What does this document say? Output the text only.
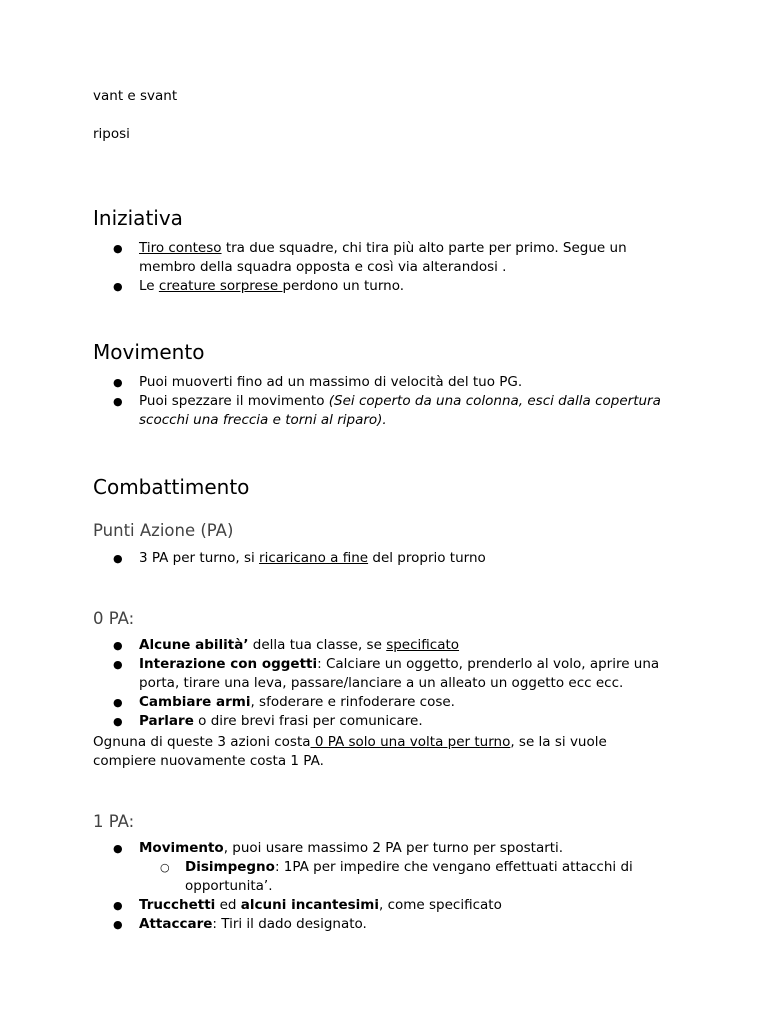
vant e svant
riposi
Iniziativa
● Tiro conteso tra due squadre, chi tira più alto parte per primo. Segue un
membro della squadra opposta e così via alterandosi .
● Le creature sorprese perdono un turno.
Movimento
● Puoi muoverti fino ad un massimo di velocità del tuo PG.
● Puoi spezzare il movimento (Sei coperto da una colonna, esci dalla copertura
scocchi una freccia e torni al riparo).
Combattimento
Punti Azione (PA)
● 3 PA per turno, si ricaricano a fine del proprio turno
0 PA:
● Alcune abilità’ della tua classe, se specificato
● Interazione con oggetti: Calciare un oggetto, prenderlo al volo, aprire una
porta, tirare una leva, passare/lanciare a un alleato un oggetto ecc ecc.
● Cambiare armi, sfoderare e rinfoderare cose.
● Parlare o dire brevi frasi per comunicare.
Ognuna di queste 3 azioni costa 0 PA solo una volta per turno, se la si vuole
compiere nuovamente costa 1 PA.
1 PA:
● Movimento, puoi usare massimo 2 PA per turno per spostarti.
○ Disimpegno: 1PA per impedire che vengano effettuati attacchi di
opportunita’.
● Trucchetti ed alcuni incantesimi, come specificato
● Attaccare: Tiri il dado designato.
